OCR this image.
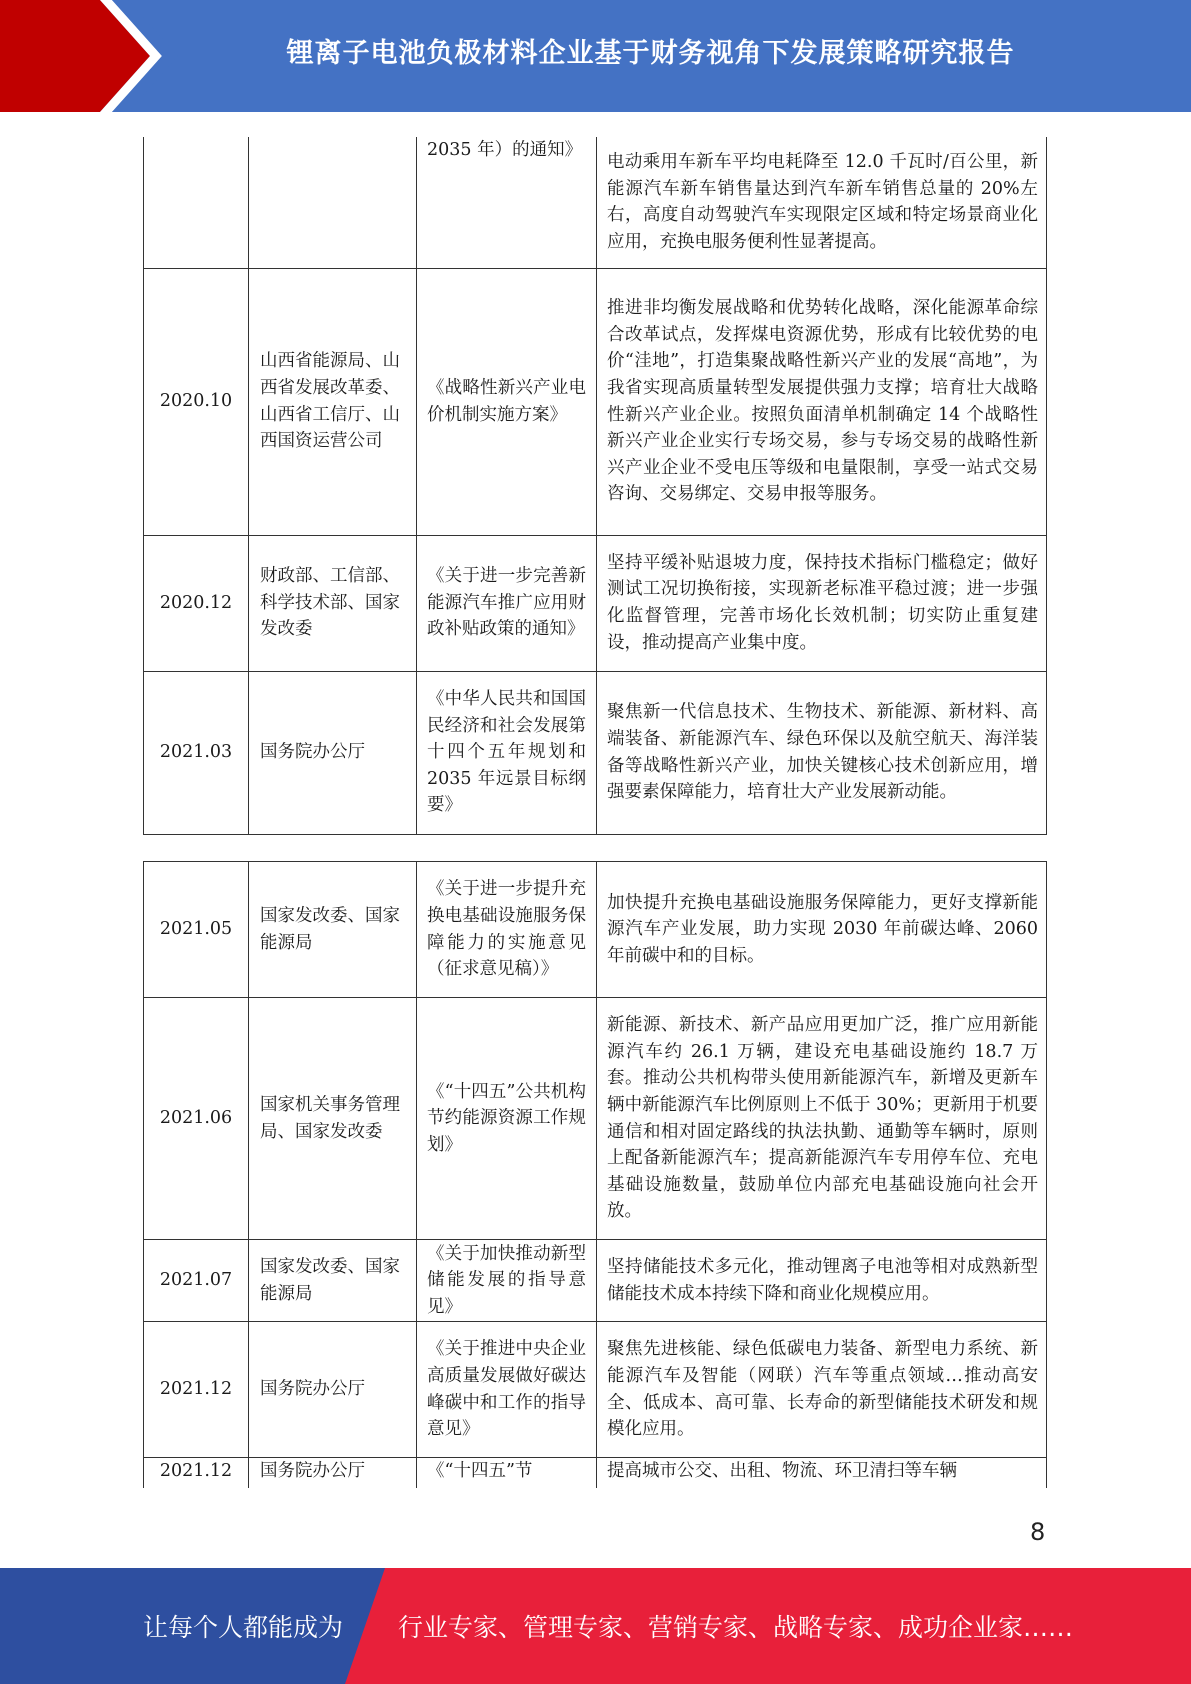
锂离子电池负极材料企业基于财务视角下发展策略研究报告
		2035 年）的通知》	电动乘用车新车平均电耗降至 12.0 千瓦时/百公里，新能源汽车新车销售量达到汽车新车销售总量的 20%左右，高度自动驾驶汽车实现限定区域和特定场景商业化应用，充换电服务便利性显著提高。
2020.10	山西省能源局、山西省发展改革委、山西省工信厅、山西国资运营公司	《战略性新兴产业电价机制实施方案》	推进非均衡发展战略和优势转化战略，深化能源革命综合改革试点，发挥煤电资源优势，形成有比较优势的电价“洼地”，打造集聚战略性新兴产业的发展“高地”，为我省实现高质量转型发展提供强力支撑；培育壮大战略性新兴产业企业。按照负面清单机制确定 14 个战略性新兴产业企业实行专场交易，参与专场交易的战略性新兴产业企业不受电压等级和电量限制，享受一站式交易咨询、交易绑定、交易申报等服务。
2020.12	财政部、工信部、科学技术部、国家发改委	《关于进一步完善新能源汽车推广应用财政补贴政策的通知》	坚持平缓补贴退坡力度，保持技术指标门槛稳定；做好测试工况切换衔接，实现新老标准平稳过渡；进一步强化监督管理，完善市场化长效机制；切实防止重复建设，推动提高产业集中度。
2021.03	国务院办公厅	《中华人民共和国国民经济和社会发展第十四个五年规划和 2035 年远景目标纲要》	聚焦新一代信息技术、生物技术、新能源、新材料、高端装备、新能源汽车、绿色环保以及航空航天、海洋装备等战略性新兴产业，加快关键核心技术创新应用，增强要素保障能力，培育壮大产业发展新动能。
2021.05	国家发改委、国家能源局	《关于进一步提升充换电基础设施服务保障能力的实施意见（征求意见稿）》	加快提升充换电基础设施服务保障能力，更好支撑新能源汽车产业发展，助力实现 2030 年前碳达峰、2060 年前碳中和的目标。
2021.06	国家机关事务管理局、国家发改委	《“十四五”公共机构节约能源资源工作规划》	新能源、新技术、新产品应用更加广泛，推广应用新能源汽车约 26.1 万辆，建设充电基础设施约 18.7 万套。推动公共机构带头使用新能源汽车，新增及更新车辆中新能源汽车比例原则上不低于 30%；更新用于机要通信和相对固定路线的执法执勤、通勤等车辆时，原则上配备新能源汽车；提高新能源汽车专用停车位、充电基础设施数量，鼓励单位内部充电基础设施向社会开放。
2021.07	国家发改委、国家能源局	《关于加快推动新型储能发展的指导意见》	坚持储能技术多元化，推动锂离子电池等相对成熟新型储能技术成本持续下降和商业化规模应用。
2021.12	国务院办公厅	《关于推进中央企业高质量发展做好碳达峰碳中和工作的指导意见》	聚焦先进核能、绿色低碳电力装备、新型电力系统、新能源汽车及智能（网联）汽车等重点领域…推动高安全、低成本、高可靠、长寿命的新型储能技术研发和规模化应用。
2021.12	国务院办公厅	《“十四五”节	提高城市公交、出租、物流、环卫清扫等车辆
8
让每个人都能成为 行业专家、管理专家、营销专家、战略专家、成功企业家……
